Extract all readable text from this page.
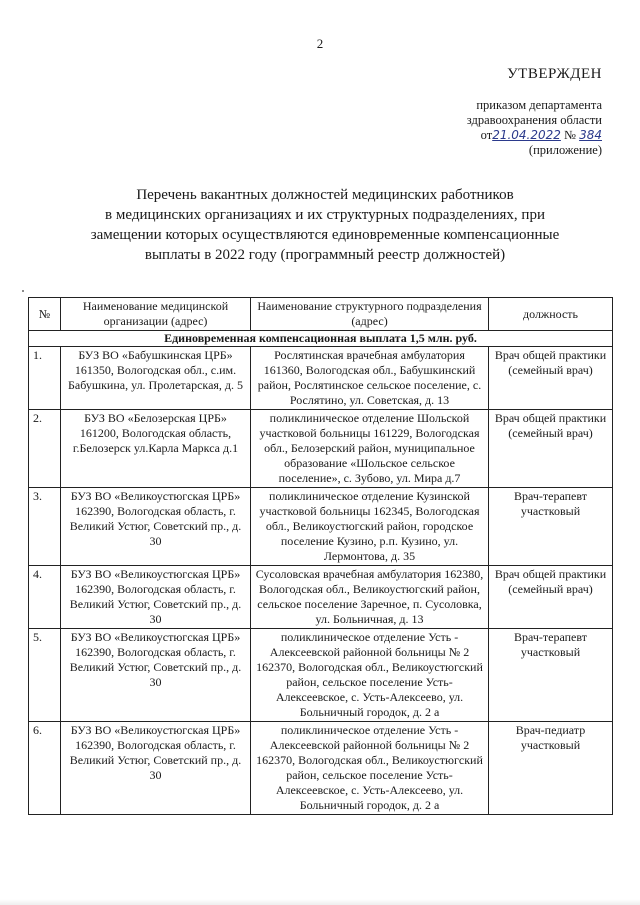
2
УТВЕРЖДЕН
приказом департамента
здравоохранения области
от21.04.2022 № 384
(приложение)
Перечень вакантных должностей медицинских работников
в медицинских организациях и их структурных подразделениях, при
замещении которых осуществляются единовременные компенсационные
выплаты в 2022 году (программный реестр должностей)
№	Наименование медицинской организации (адрес)	Наименование структурного подразделения (адрес)	должность
Единовременная компенсационная выплата 1,5 млн. руб.			
1.	БУЗ ВО «Бабушкинская ЦРБ» 161350, Вологодская обл., с.им. Бабушкина, ул. Пролетарская, д. 5	Рослятинская врачебная амбулатория 161360, Вологодская обл., Бабушкинский район, Рослятинское сельское поселение, с. Рослятино, ул. Советская, д. 13	Врач общей практики (семейный врач)
2.	БУЗ ВО «Белозерская ЦРБ» 161200, Вологодская область, г.Белозерск ул.Карла Маркса д.1	поликлиническое отделение Шольской участковой больницы 161229, Вологодская обл., Белозерский район, муниципальное образование «Шольское сельское поселение», с. Зубово, ул. Мира д.7	Врач общей практики (семейный врач)
3.	БУЗ ВО «Великоустюгская ЦРБ» 162390, Вологодская область, г. Великий Устюг, Советский пр., д. 30	поликлиническое отделение Кузинской участковой больницы 162345, Вологодская обл., Великоустюгский район, городское поселение Кузино, р.п. Кузино, ул. Лермонтова, д. 35	Врач-терапевт участковый
4.	БУЗ ВО «Великоустюгская ЦРБ» 162390, Вологодская область, г. Великий Устюг, Советский пр., д. 30	Сусоловская врачебная амбулатория 162380, Вологодская обл., Великоустюгский район, сельское поселение Заречное, п. Сусоловка, ул. Больничная, д. 13	Врач общей практики (семейный врач)
5.	БУЗ ВО «Великоустюгская ЦРБ» 162390, Вологодская область, г. Великий Устюг, Советский пр., д. 30	поликлиническое отделение Усть - Алексеевской районной больницы № 2 162370, Вологодская обл., Великоустюгский район, сельское поселение Усть-Алексеевское, с. Усть-Алексеево, ул. Больничный городок, д. 2 а	Врач-терапевт участковый
6.	БУЗ ВО «Великоустюгская ЦРБ» 162390, Вологодская область, г. Великий Устюг, Советский пр., д. 30	поликлиническое отделение Усть - Алексеевской районной больницы № 2 162370, Вологодская обл., Великоустюгский район, сельское поселение Усть-Алексеевское, с. Усть-Алексеево, ул. Больничный городок, д. 2 а	Врач-педиатр участковый
